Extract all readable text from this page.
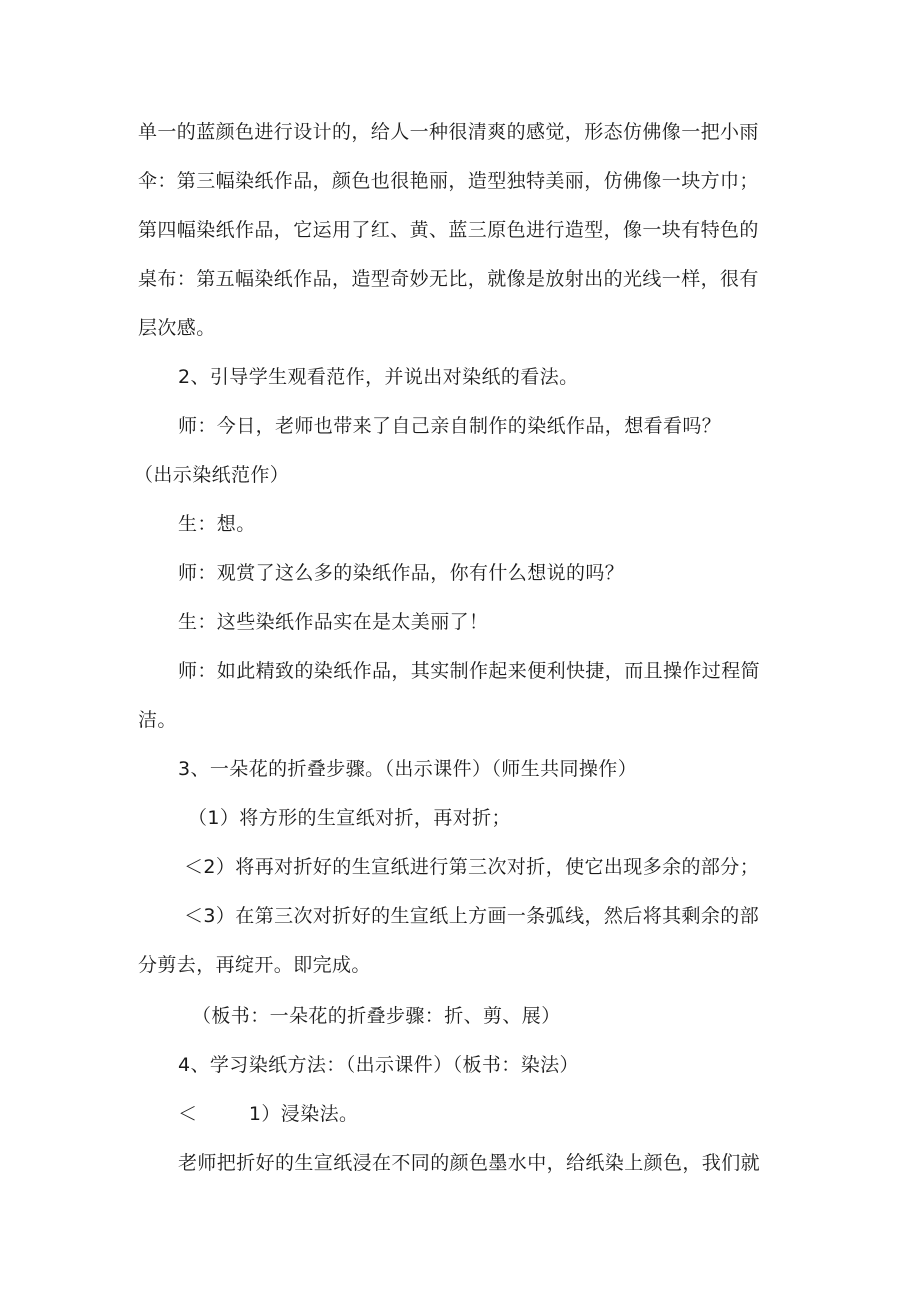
单一的蓝颜色进行设计的，给人一种很清爽的感觉，形态仿佛像一把小雨
伞：第三幅染纸作品，颜色也很艳丽，造型独特美丽，仿佛像一块方巾；
第四幅染纸作品，它运用了红、黄、蓝三原色进行造型，像一块有特色的
桌布：第五幅染纸作品，造型奇妙无比，就像是放射出的光线一样，很有
层次感。
2、引导学生观看范作，并说出对染纸的看法。
师：今日，老师也带来了自己亲自制作的染纸作品，想看看吗？
（出示染纸范作）
生：想。
师：观赏了这么多的染纸作品，你有什么想说的吗？
生：这些染纸作品实在是太美丽了！
师：如此精致的染纸作品，其实制作起来便利快捷，而且操作过程简
洁。
3、一朵花的折叠步骤。（出示课件）（师生共同操作）
（1）将方形的生宣纸对折，再对折；
＜2）将再对折好的生宣纸进行第三次对折，使它出现多余的部分；
＜3）在第三次对折好的生宣纸上方画一条弧线，然后将其剩余的部
分剪去，再绽开。即完成。
（板书：一朵花的折叠步骤：折、剪、展）
4、学习染纸方法：（出示课件）（板书：染法）
＜        1）浸染法。
老师把折好的生宣纸浸在不同的颜色墨水中，给纸染上颜色，我们就
